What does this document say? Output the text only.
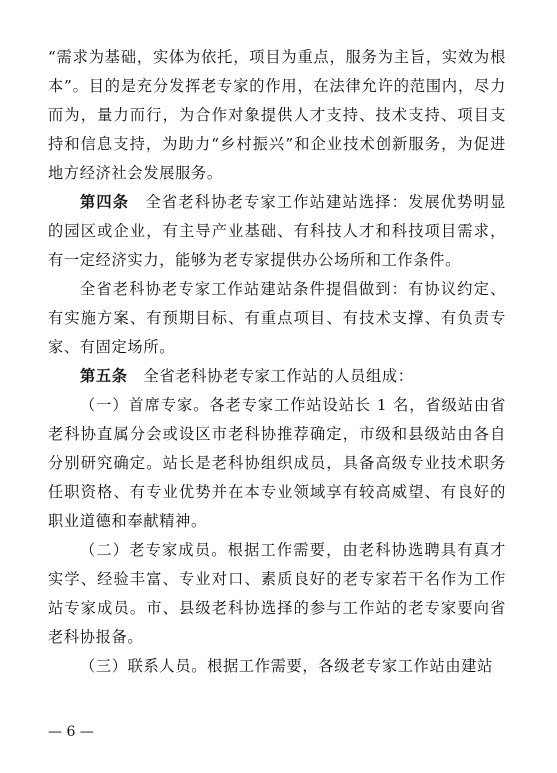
“需求为基础，实体为依托，项目为重点，服务为主旨，实效为根本”。目的是充分发挥老专家的作用，在法律允许的范围内，尽力而为，量力而行，为合作对象提供人才支持、技术支持、项目支持和信息支持，为助力“乡村振兴”和企业技术创新服务，为促进地方经济社会发展服务。

第四条　全省老科协老专家工作站建站选择：发展优势明显的园区或企业，有主导产业基础、有科技人才和科技项目需求，有一定经济实力，能够为老专家提供办公场所和工作条件。

全省老科协老专家工作站建站条件提倡做到：有协议约定、有实施方案、有预期目标、有重点项目、有技术支撑、有负责专家、有固定场所。

第五条　全省老科协老专家工作站的人员组成：

（一）首席专家。各老专家工作站设站长 1 名，省级站由省老科协直属分会或设区市老科协推荐确定，市级和县级站由各自分别研究确定。站长是老科协组织成员，具备高级专业技术职务任职资格、有专业优势并在本专业领域享有较高威望、有良好的职业道德和奉献精神。

（二）老专家成员。根据工作需要，由老科协选聘具有真才实学、经验丰富、专业对口、素质良好的老专家若干名作为工作站专家成员。市、县级老科协选择的参与工作站的老专家要向省老科协报备。

（三）联系人员。根据工作需要，各级老专家工作站由建站

— 6 —
